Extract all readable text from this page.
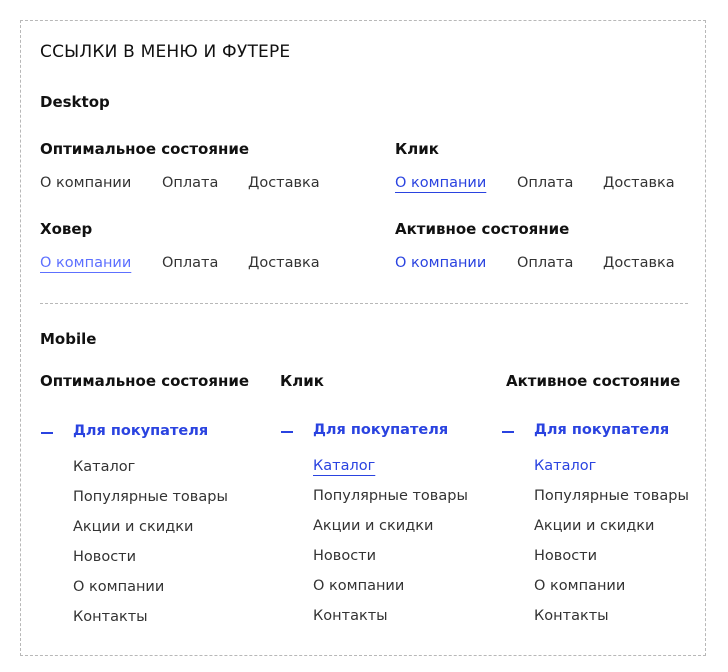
ССЫЛКИ В МЕНЮ И ФУТЕРЕ
Desktop
Оптимальное состояние
О компании Оплата Доставка
Клик
О компании Оплата Доставка
Ховер
О компании Оплата Доставка
Активное состояние
О компании Оплата Доставка
Mobile
Оптимальное состояние
Для покупателя
Каталог
Популярные товары
Акции и скидки
Новости
О компании
Контакты
Клик
Для покупателя
Каталог
Популярные товары
Акции и скидки
Новости
О компании
Контакты
Активное состояние
Для покупателя
Каталог
Популярные товары
Акции и скидки
Новости
О компании
Контакты
